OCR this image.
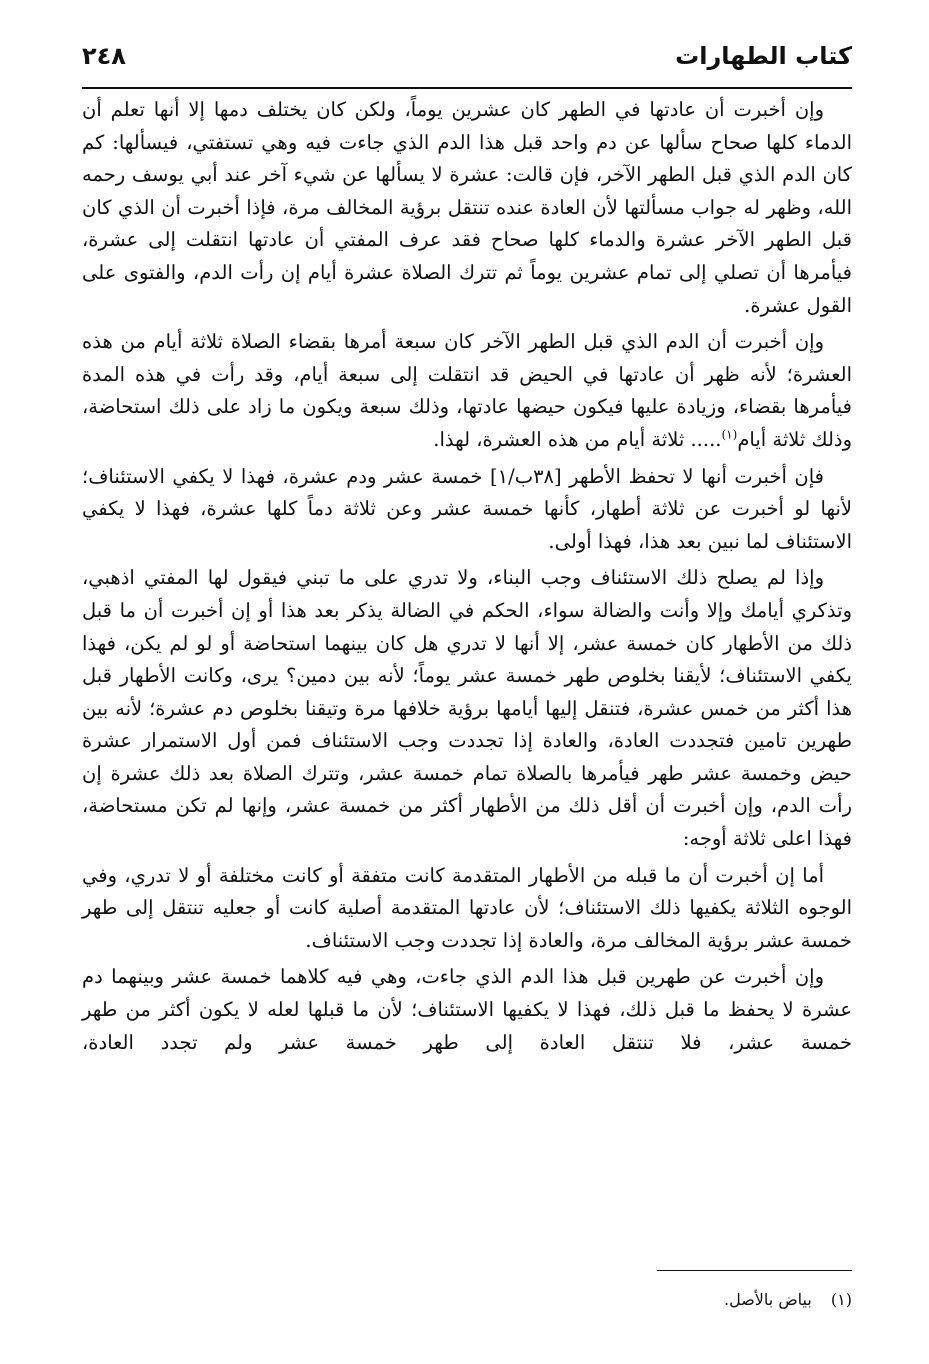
كتاب الطهارات
٢٤٨

وإن أخبرت أن عادتها في الطهر كان عشرين يوماً، ولكن كان يختلف دمها إلا أنها تعلم أن الدماء كلها صحاح سألها عن دم واحد قبل هذا الدم الذي جاءت فيه وهي تستفتي، فيسألها: كم كان الدم الذي قبل الطهر الآخر، فإن قالت: عشرة لا يسألها عن شيء آخر عند أبي يوسف رحمه الله، وظهر له جواب مسألتها لأن العادة عنده تنتقل برؤية المخالف مرة، فإذا أخبرت أن الذي كان قبل الطهر الآخر عشرة والدماء كلها صحاح فقد عرف المفتي أن عادتها انتقلت إلى عشرة، فيأمرها أن تصلي إلى تمام عشرين يوماً ثم تترك الصلاة عشرة أيام إن رأت الدم، والفتوى على القول عشرة.

وإن أخبرت أن الدم الذي قبل الطهر الآخر كان سبعة أمرها بقضاء الصلاة ثلاثة أيام من هذه العشرة؛ لأنه ظهر أن عادتها في الحيض قد انتقلت إلى سبعة أيام، وقد رأت في هذه المدة فيأمرها بقضاء، وزيادة عليها فيكون حيضها عادتها، وذلك سبعة ويكون ما زاد على ذلك استحاضة، وذلك ثلاثة أيام$^{(١)}$..... ثلاثة أيام من هذه العشرة، لهذا.

فإن أخبرت أنها لا تحفظ الأطهر [٣٨ب/١] خمسة عشر ودم عشرة، فهذا لا يكفي الاستئناف؛ لأنها لو أخبرت عن ثلاثة أطهار، كأنها خمسة عشر وعن ثلاثة دماً كلها عشرة، فهذا لا يكفي الاستئناف لما نبين بعد هذا، فهذا أولى.

وإذا لم يصلح ذلك الاستئناف وجب البناء، ولا تدري على ما تبني فيقول لها المفتي اذهبي، وتذكري أيامك وإلا وأنت والضالة سواء، الحكم في الضالة يذكر بعد هذا أو إن أخبرت أن ما قبل ذلك من الأطهار كان خمسة عشر، إلا أنها لا تدري هل كان بينهما استحاضة أو لو لم يكن، فهذا يكفي الاستئناف؛ لأيقنا بخلوص طهر خمسة عشر يوماً؛ لأنه بين دمين؟ يرى، وكانت الأطهار قبل هذا أكثر من خمس عشرة، فتنقل إليها أيامها برؤية خلافها مرة وتيقنا بخلوص دم عشرة؛ لأنه بين طهرين تامين فتجددت العادة، والعادة إذا تجددت وجب الاستئناف فمن أول الاستمرار عشرة حيض وخمسة عشر طهر فيأمرها بالصلاة تمام خمسة عشر، وتترك الصلاة بعد ذلك عشرة إن رأت الدم، وإن أخبرت أن أقل ذلك من الأطهار أكثر من خمسة عشر، وإنها لم تكن مستحاضة، فهذا اعلى ثلاثة أوجه:

أما إن أخبرت أن ما قبله من الأطهار المتقدمة كانت متفقة أو كانت مختلفة أو لا تدري، وفي الوجوه الثلاثة يكفيها ذلك الاستئناف؛ لأن عادتها المتقدمة أصلية كانت أو جعليه تنتقل إلى طهر خمسة عشر برؤية المخالف مرة، والعادة إذا تجددت وجب الاستئناف.

وإن أخبرت عن طهرين قبل هذا الدم الذي جاءت، وهي فيه كلاهما خمسة عشر وبينهما دم عشرة لا يحفظ ما قبل ذلك، فهذا لا يكفيها الاستئناف؛ لأن ما قبلها لعله لا يكون أكثر من طهر خمسة عشر، فلا تنتقل العادة إلى طهر خمسة عشر ولم تجدد العادة،

(١) بياض بالأصل.
